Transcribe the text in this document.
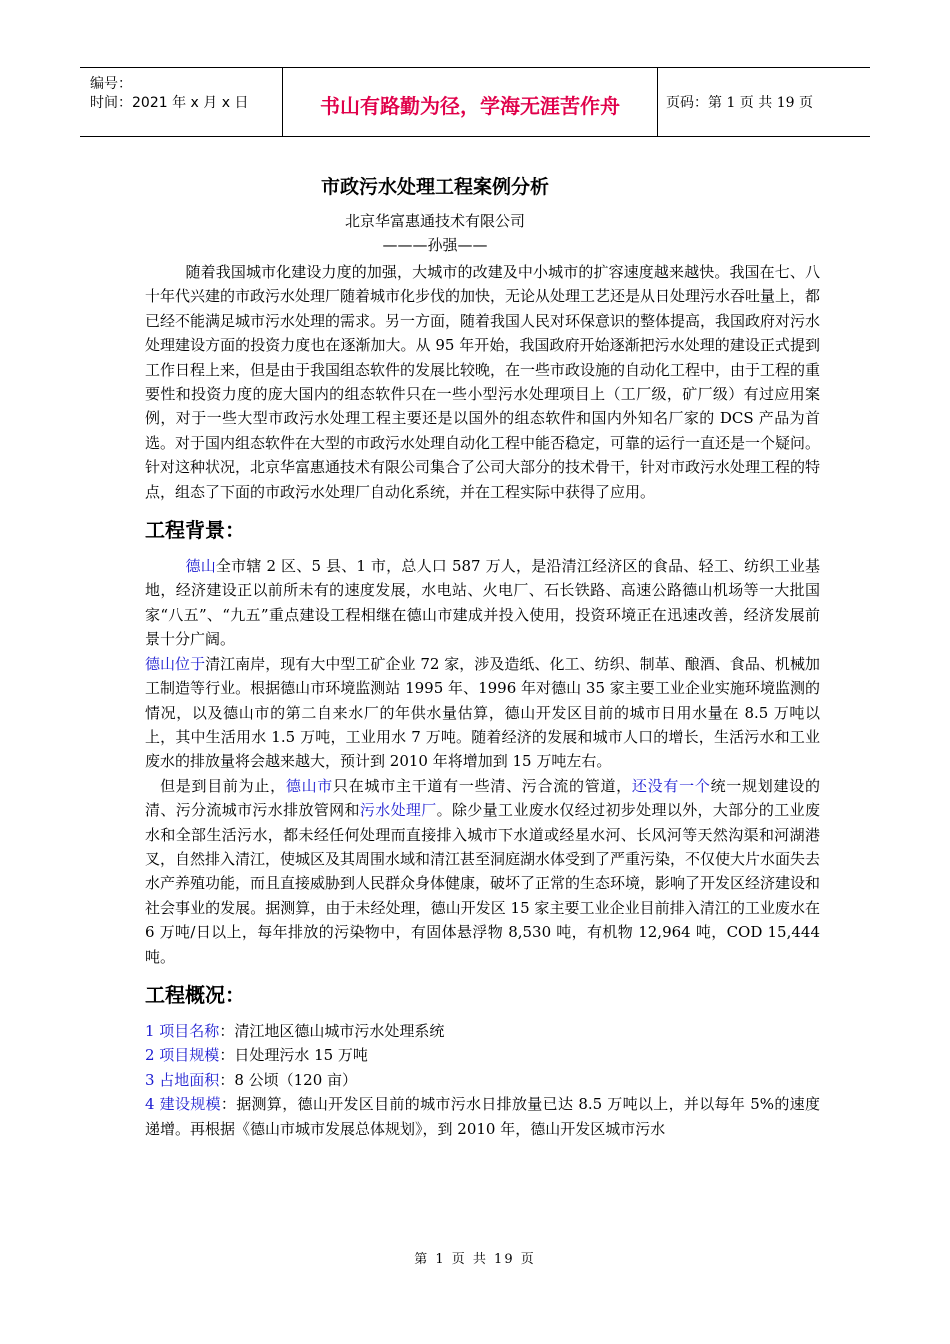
编号：
时间：2021 年 x 月 x 日	书山有路勤为径，学海无涯苦作舟	页码：第 1 页 共 19 页
市政污水处理工程案例分析
北京华富惠通技术有限公司
———孙强——

随着我国城市化建设力度的加强，大城市的改建及中小城市的扩容速度越来越快。我国在七、八十年代兴建的市政污水处理厂随着城市化步伐的加快，无论从处理工艺还是从日处理污水吞吐量上，都已经不能满足城市污水处理的需求。另一方面，随着我国人民对环保意识的整体提高，我国政府对污水处理建设方面的投资力度也在逐渐加大。从 95 年开始，我国政府开始逐渐把污水处理的建设正式提到工作日程上来，但是由于我国组态软件的发展比较晚，在一些市政设施的自动化工程中，由于工程的重要性和投资力度的庞大国内的组态软件只在一些小型污水处理项目上（工厂级，矿厂级）有过应用案例，对于一些大型市政污水处理工程主要还是以国外的组态软件和国内外知名厂家的 DCS 产品为首选。对于国内组态软件在大型的市政污水处理自动化工程中能否稳定，可靠的运行一直还是一个疑问。针对这种状况，北京华富惠通技术有限公司集合了公司大部分的技术骨干，针对市政污水处理工程的特点，组态了下面的市政污水处理厂自动化系统，并在工程实际中获得了应用。

工程背景：

德山全市辖 2 区、5 县、1 市，总人口 587 万人，是沿清江经济区的食品、轻工、纺织工业基地，经济建设正以前所未有的速度发展，水电站、火电厂、石长铁路、高速公路德山机场等一大批国家“八五”、“九五”重点建设工程相继在德山市建成并投入使用，投资环境正在迅速改善，经济发展前景十分广阔。

德山位于清江南岸，现有大中型工矿企业 72 家，涉及造纸、化工、纺织、制革、酿酒、食品、机械加工制造等行业。根据德山市环境监测站 1995 年、1996 年对德山 35 家主要工业企业实施环境监测的情况，以及德山市的第二自来水厂的年供水量估算，德山开发区目前的城市日用水量在 8.5 万吨以上，其中生活用水 1.5 万吨，工业用水 7 万吨。随着经济的发展和城市人口的增长，生活污水和工业废水的排放量将会越来越大，预计到 2010 年将增加到 15 万吨左右。

但是到目前为止，德山市只在城市主干道有一些清、污合流的管道，还没有一个统一规划建设的清、污分流城市污水排放管网和污水处理厂。除少量工业废水仅经过初步处理以外，大部分的工业废水和全部生活污水，都未经任何处理而直接排入城市下水道或经星水河、长风河等天然沟渠和河湖港叉，自然排入清江，使城区及其周围水域和清江甚至洞庭湖水体受到了严重污染，不仅使大片水面失去水产养殖功能，而且直接威胁到人民群众身体健康，破坏了正常的生态环境，影响了开发区经济建设和社会事业的发展。据测算，由于未经处理，德山开发区 15 家主要工业企业目前排入清江的工业废水在 6 万吨/日以上，每年排放的污染物中，有固体悬浮物 8,530 吨，有机物 12,964 吨，COD 15,444 吨。

工程概况：

1 项目名称：清江地区德山城市污水处理系统

2 项目规模：日处理污水 15 万吨

3 占地面积：8 公顷（120 亩）

4 建设规模：据测算，德山开发区目前的城市污水日排放量已达 8.5 万吨以上，并以每年 5%的速度递增。再根据《德山市城市发展总体规划》，到 2010 年，德山开发区城市污水

第 1 页 共 19 页
